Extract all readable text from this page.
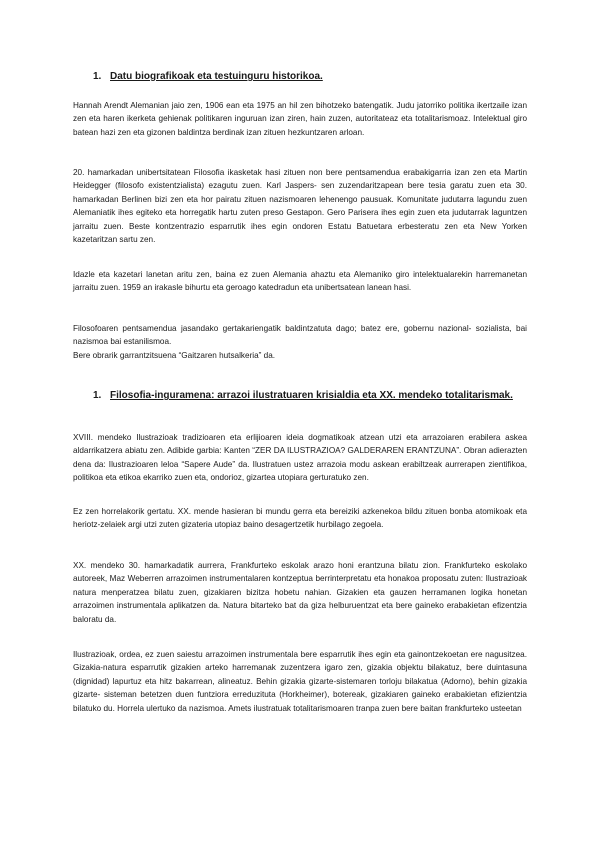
1. Datu biografikoak eta testuinguru historikoa.

Hannah Arendt Alemanian jaio zen, 1906 ean eta 1975 an hil zen bihotzeko batengatik. Judu jatorriko politika ikertzaile izan zen eta haren ikerketa gehienak politikaren inguruan izan ziren, hain zuzen, autoritateaz eta totalitarismoaz. Intelektual giro batean hazi zen eta gizonen baldintza berdinak izan zituen hezkuntzaren arloan.

20. hamarkadan unibertsitatean Filosofia ikasketak hasi zituen non bere pentsamendua erabakigarria izan zen eta Martin Heidegger (filosofo existentzialista) ezagutu zuen. Karl Jaspers- sen zuzendaritzapean bere tesia garatu zuen eta 30. hamarkadan Berlinen bizi zen eta hor pairatu zituen nazismoaren lehenengo pausuak. Komunitate judutarra lagundu zuen Alemaniatik ihes egiteko eta horregatik hartu zuten preso Gestapon. Gero Parisera ihes egin zuen eta judutarrak laguntzen jarraitu zuen. Beste kontzentrazio esparrutik ihes egin ondoren Estatu Batuetara erbesteratu zen eta New Yorken kazetaritzan sartu zen.

Idazle eta kazetari lanetan aritu zen, baina ez zuen Alemania ahaztu eta Alemaniko giro intelektualarekin harremanetan jarraitu zuen. 1959 an irakasle bihurtu eta geroago katedradun eta unibertsatean lanean hasi.

Filosofoaren pentsamendua jasandako gertakariengatik baldintzatuta dago; batez ere, gobernu nazional- sozialista, bai nazismoa bai estanilismoa.

Bere obrarik garrantzitsuena “Gaitzaren hutsalkeria” da.

1. Filosofia-inguramena: arrazoi ilustratuaren krisialdia eta XX. mendeko totalitarismak.

XVIII. mendeko Ilustrazioak tradizioaren eta erlijioaren ideia dogmatikoak atzean utzi eta arrazoiaren erabilera askea aldarrikatzera abiatu zen. Adibide garbia: Kanten “ZER DA ILUSTRAZIOA? GALDERAREN ERANTZUNA”. Obran adierazten dena da: Ilustrazioaren leloa “Sapere Aude” da. Ilustratuen ustez arrazoia modu askean erabiltzeak aurrerapen zientifikoa, politikoa eta etikoa ekarriko zuen eta, ondorioz, gizartea utopiara gerturatuko zen.

Ez zen horrelakorik gertatu. XX. mende hasieran bi mundu gerra eta bereiziki azkenekoa bildu zituen bonba atomikoak eta heriotz-zelaiek argi utzi zuten gizateria utopiaz baino desagertzetik hurbilago zegoela.

XX. mendeko 30. hamarkadatik aurrera, Frankfurteko eskolak arazo honi erantzuna bilatu zion. Frankfurteko eskolako autoreek, Maz Weberren arrazoimen instrumentalaren kontzeptua berrinterpretatu eta honakoa proposatu zuten: Ilustrazioak natura menperatzea bilatu zuen, gizakiaren bizitza hobetu nahian. Gizakien eta gauzen herramanen logika honetan arrazoimen instrumentala aplikatzen da. Natura bitarteko bat da giza helburuentzat eta bere gaineko erabakietan efizentzia baloratu da.

Ilustrazioak, ordea, ez zuen saiestu arrazoimen instrumentala bere esparrutik ihes egin eta gainontzekoetan ere nagusitzea. Gizakia-natura esparrutik gizakien arteko harremanak zuzentzera igaro zen, gizakia objektu bilakatuz, bere duintasuna (dignidad) lapurtuz eta hitz bakarrean, alineatuz. Behin gizakia gizarte-sistemaren torloju bilakatua (Adorno), behin gizakia gizarte- sisteman betetzen duen funtziora erreduzituta (Horkheimer), botereak, gizakiaren gaineko erabakietan efizientzia bilatuko du. Horrela ulertuko da nazismoa. Amets ilustratuak totalitarismoaren tranpa zuen bere baitan frankfurteko usteetan
